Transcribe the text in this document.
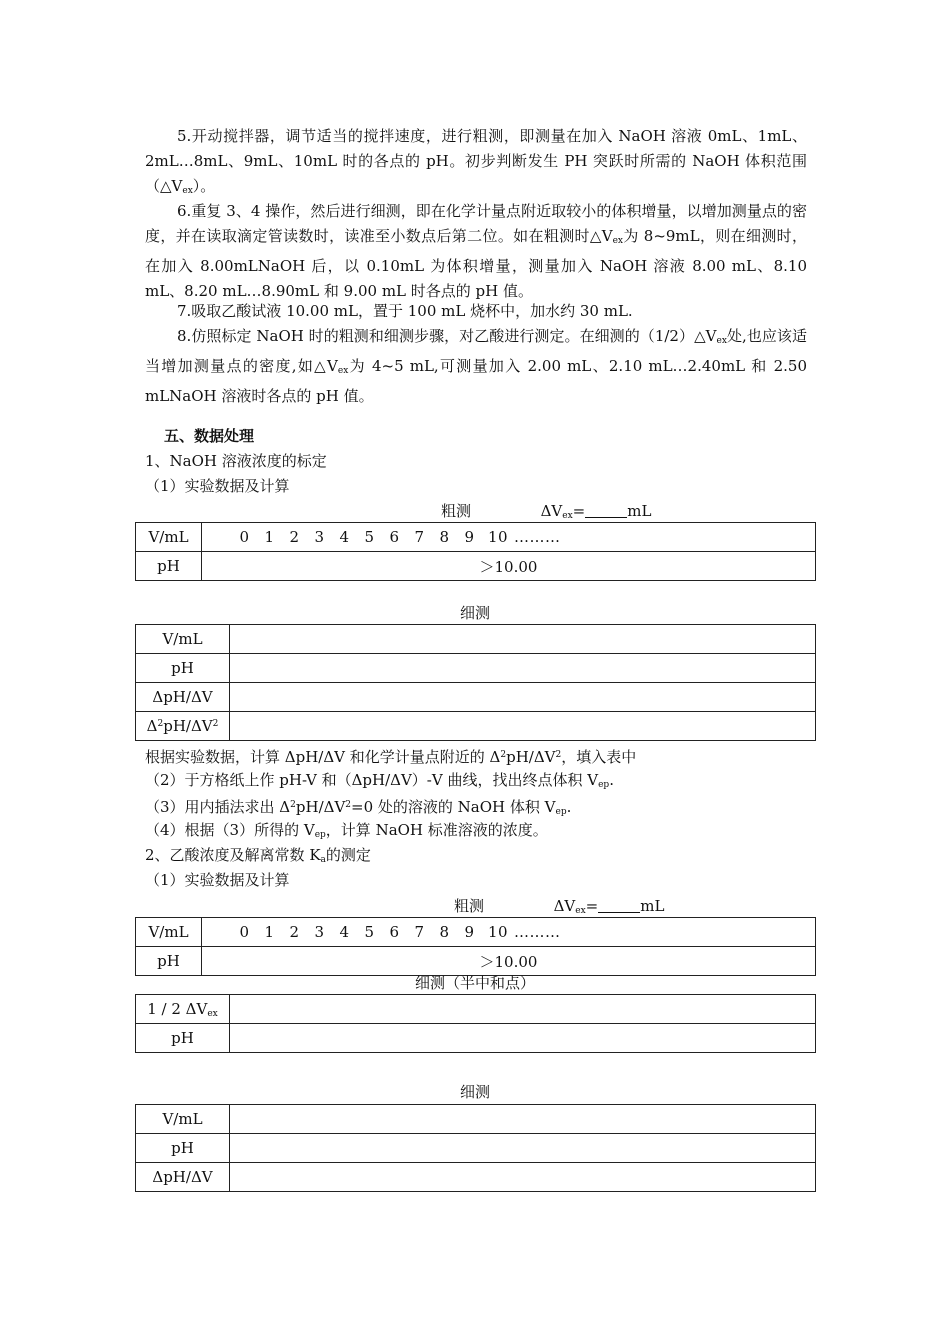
5.开动搅拌器，调节适当的搅拌速度，进行粗测，即测量在加入 NaOH 溶液 0mL、1mL、2mL…8mL、9mL、10mL 时的各点的 pH。初步判断发生 PH 突跃时所需的 NaOH 体积范围$(\triangle V_{ex})$。
6.重复 3、4 操作，然后进行细测，即在化学计量点附近取较小的体积增量，以增加测量点的密度，并在读取滴定管读数时，读准至小数点后第二位。如在粗测时$\triangle V_{ex}$为 8~9mL，则在细测时，在加入 8.00mLNaOH 后，以 0.10mL 为体积增量，测量加入 NaOH 溶液 8.00 mL、8.10 mL、8.20 mL…8.90mL 和 9.00 mL 时各点的 pH 值。
7.吸取乙酸试液 10.00 mL，置于 100 mL 烧杯中，加水约 30 mL.
8.仿照标定 NaOH 时的粗测和细测步骤，对乙酸进行测定。在细测的$(1/2)\triangle V_{ex}$处,也应该适当增加测量点的密度,如$\triangle V_{ex}$为 4~5 mL,可测量加入 2.00 mL、2.10 mL…2.40mL 和 2.50 mLNaOH 溶液时各点的 pH 值。
五、数据处理
1、NaOH 溶液浓度的标定
（1）实验数据及计算
粗测	$\Delta V_{ex}=$	mL
V/mL	0 1 2 3 4 5 6 7 8 9 10 ………
pH	＞10.00
细测
V/mL	
pH	
ΔpH/ΔV	
$\Delta^2pH/\Delta V^2$	
根据实验数据，计算 ΔpH/ΔV 和化学计量点附近的 $\Delta^2pH/\Delta V^2$，填入表中
（2）于方格纸上作 pH-V 和（ΔpH/ΔV）-V 曲线，找出终点体积 $V_{ep}$.
（3）用内插法求出 $\Delta^2pH/\Delta V^2=0$ 处的溶液的 NaOH 体积 $V_{ep}$.
（4）根据（3）所得的 $V_{ep}$，计算 NaOH 标准溶液的浓度。
2、乙酸浓度及解离常数 $K_a$的测定
（1）实验数据及计算
粗测	$\Delta V_{ex}=$	mL
V/mL	0 1 2 3 4 5 6 7 8 9 10 ………
pH	＞10.00
细测（半中和点）
1 / 2 $\Delta V_{ex}$	
pH	
细测
V/mL	
pH	
ΔpH/ΔV	
